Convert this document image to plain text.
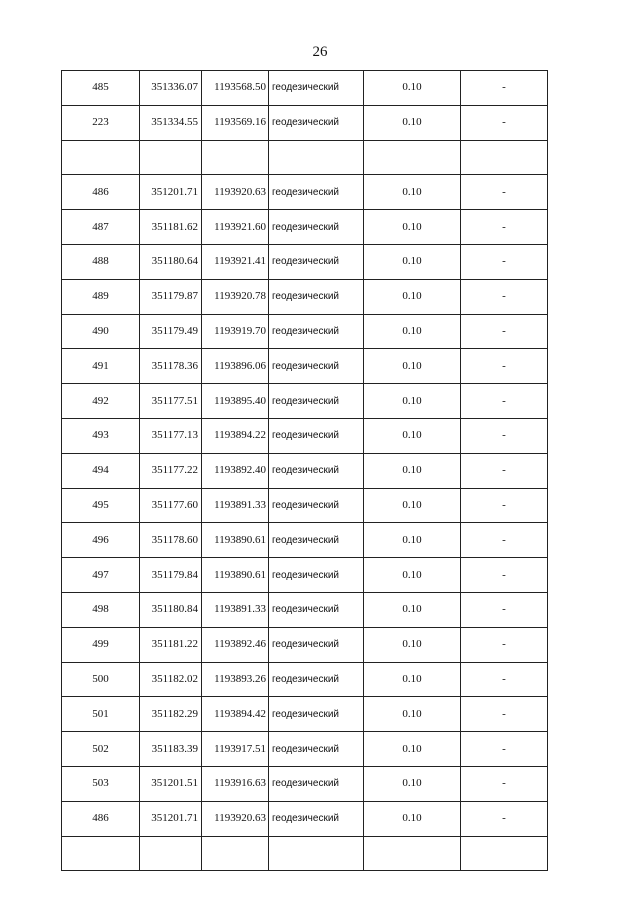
26
485	351336.07	1193568.50	геодезический	0.10	-
223	351334.55	1193569.16	геодезический	0.10	-

486	351201.71	1193920.63	геодезический	0.10	-
487	351181.62	1193921.60	геодезический	0.10	-
488	351180.64	1193921.41	геодезический	0.10	-
489	351179.87	1193920.78	геодезический	0.10	-
490	351179.49	1193919.70	геодезический	0.10	-
491	351178.36	1193896.06	геодезический	0.10	-
492	351177.51	1193895.40	геодезический	0.10	-
493	351177.13	1193894.22	геодезический	0.10	-
494	351177.22	1193892.40	геодезический	0.10	-
495	351177.60	1193891.33	геодезический	0.10	-
496	351178.60	1193890.61	геодезический	0.10	-
497	351179.84	1193890.61	геодезический	0.10	-
498	351180.84	1193891.33	геодезический	0.10	-
499	351181.22	1193892.46	геодезический	0.10	-
500	351182.02	1193893.26	геодезический	0.10	-
501	351182.29	1193894.42	геодезический	0.10	-
502	351183.39	1193917.51	геодезический	0.10	-
503	351201.51	1193916.63	геодезический	0.10	-
486	351201.71	1193920.63	геодезический	0.10	-
